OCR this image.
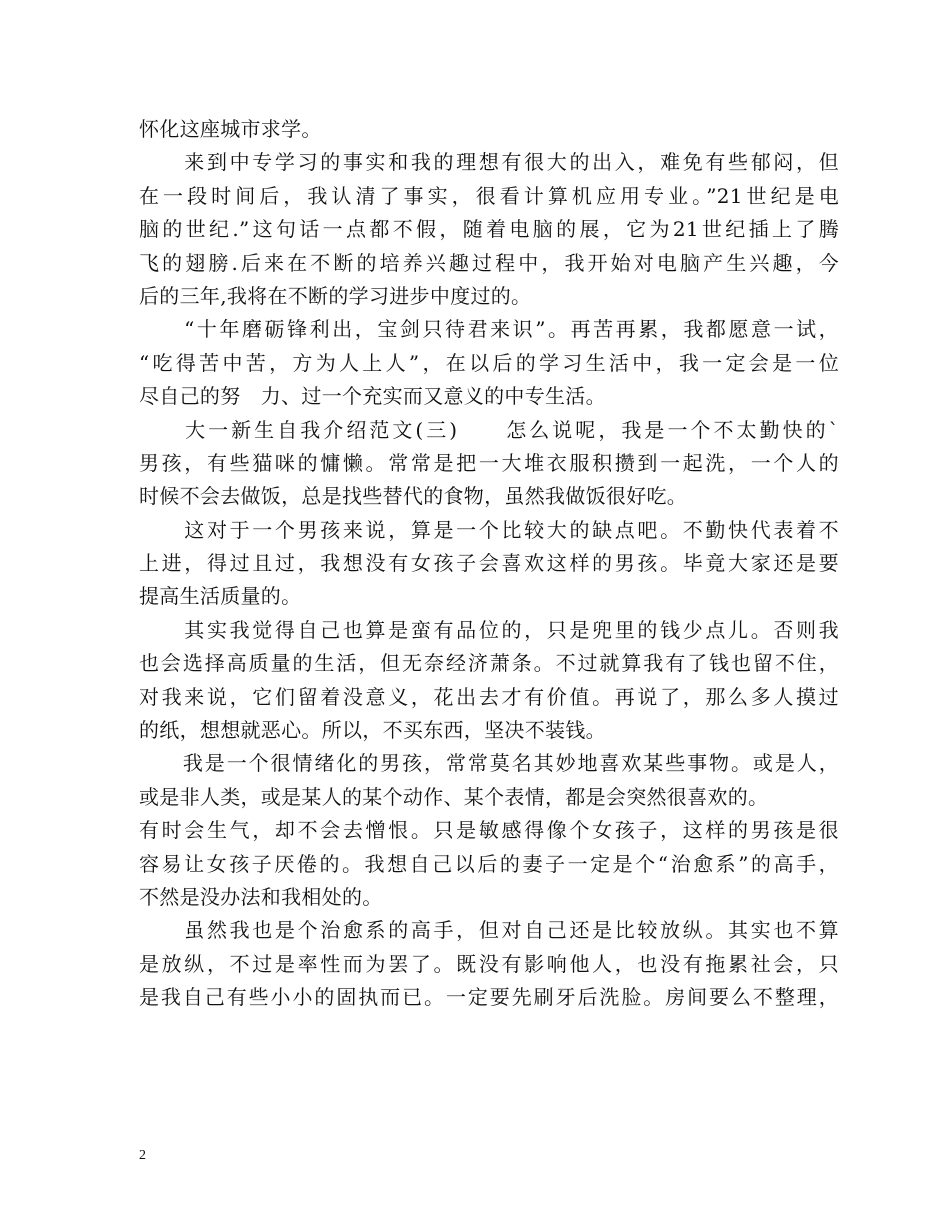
怀化这座城市求学。
　　来到中专学习的事实和我的理想有很大的出入，难免有些郁闷，但
在一段时间后，我认清了事实，很看计算机应用专业。”21世纪是电
脑的世纪.”这句话一点都不假，随着电脑的展，它为21世纪插上了腾
飞的翅膀.后来在不断的培养兴趣过程中，我开始对电脑产生兴趣，今
后的三年,我将在不断的学习进步中度过的。
　　“十年磨砺锋利出，宝剑只待君来识”。再苦再累，我都愿意一试，
“吃得苦中苦，方为人上人”，在以后的学习生活中，我一定会是一位
尽自己的努　力、过一个充实而又意义的中专生活。
　　大一新生自我介绍范文(三)　　怎么说呢，我是一个不太勤快的`
男孩，有些猫咪的慵懒。常常是把一大堆衣服积攒到一起洗，一个人的
时候不会去做饭，总是找些替代的食物，虽然我做饭很好吃。
　　这对于一个男孩来说，算是一个比较大的缺点吧。不勤快代表着不
上进，得过且过，我想没有女孩子会喜欢这样的男孩。毕竟大家还是要
提高生活质量的。
　　其实我觉得自己也算是蛮有品位的，只是兜里的钱少点儿。否则我
也会选择高质量的生活，但无奈经济萧条。不过就算我有了钱也留不住，
对我来说，它们留着没意义，花出去才有价值。再说了，那么多人摸过
的纸，想想就恶心。所以，不买东西，坚决不装钱。
　　我是一个很情绪化的男孩，常常莫名其妙地喜欢某些事物。或是人，
或是非人类，或是某人的某个动作、某个表情，都是会突然很喜欢的。
有时会生气，却不会去憎恨。只是敏感得像个女孩子，这样的男孩是很
容易让女孩子厌倦的。我想自己以后的妻子一定是个“治愈系”的高手，
不然是没办法和我相处的。
　　虽然我也是个治愈系的高手，但对自己还是比较放纵。其实也不算
是放纵，不过是率性而为罢了。既没有影响他人，也没有拖累社会，只
是我自己有些小小的固执而已。一定要先刷牙后洗脸。房间要么不整理，
2
